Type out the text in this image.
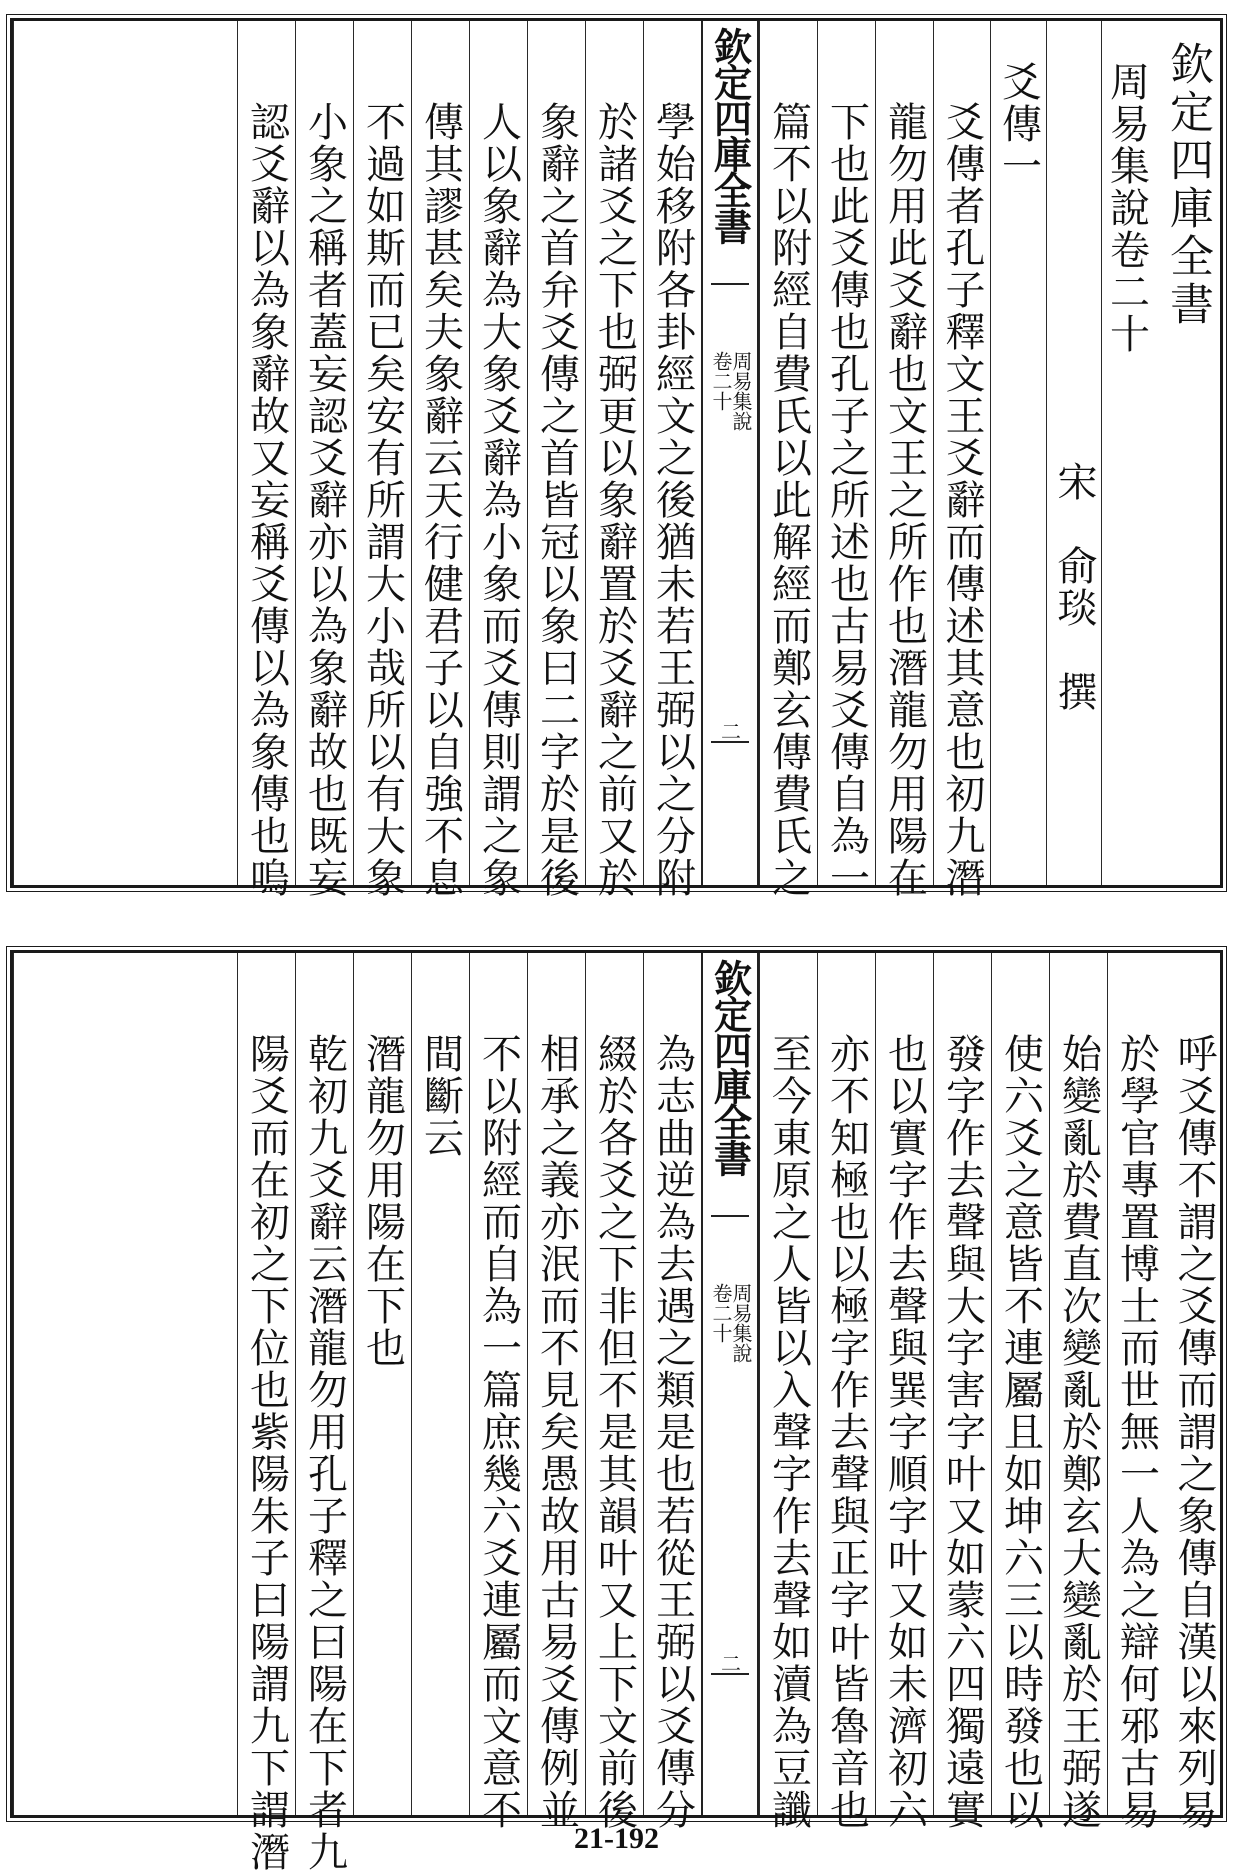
欽定四庫全書
周易集說卷二十
宋　俞琰　撰
爻傳一
爻傳者孔子釋文王爻辭而傳述其意也初九潛
龍勿用此爻辭也文王之所作也潛龍勿用陽在
下也此爻傳也孔子之所述也古易爻傳自為一
篇不以附經自費氏以此解經而鄭玄傳費氏之
欽定四庫全書
周易集說
卷二十
二
學始移附各卦經文之後猶未若王弼以之分附
於諸爻之下也弼更以象辭置於爻辭之前又於
象辭之首弁爻傳之首皆冠以象曰二字於是後
人以象辭為大象爻辭為小象而爻傳則謂之象
傳其謬甚矣夫象辭云天行健君子以自強不息
不過如斯而已矣安有所謂大小哉所以有大象
小象之稱者蓋妄認爻辭亦以為象辭故也既妄
認爻辭以為象辭故又妄稱爻傳以為象傳也嗚
呼爻傳不謂之爻傳而謂之象傳自漢以來列易
於學官專置博士而世無一人為之辯何邪古易
始變亂於費直次變亂於鄭玄大變亂於王弼遂
使六爻之意皆不連屬且如坤六三以時發也以
發字作去聲與大字害字叶又如蒙六四獨遠實
也以實字作去聲與巽字順字叶又如未濟初六
亦不知極也以極字作去聲與正字叶皆魯音也
至今東原之人皆以入聲字作去聲如瀆為豆讖
欽定四庫全書
周易集說
卷二十
二
為志曲逆為去遇之類是也若從王弼以爻傳分
綴於各爻之下非但不是其韻叶又上下文前後
相承之義亦泯而不見矣愚故用古易爻傳例並
不以附經而自為一篇庶幾六爻連屬而文意不
間斷云
潛龍勿用陽在下也
乾初九爻辭云潛龍勿用孔子釋之曰陽在下者九
陽爻而在初之下位也紫陽朱子曰陽謂九下謂潛	21-192
